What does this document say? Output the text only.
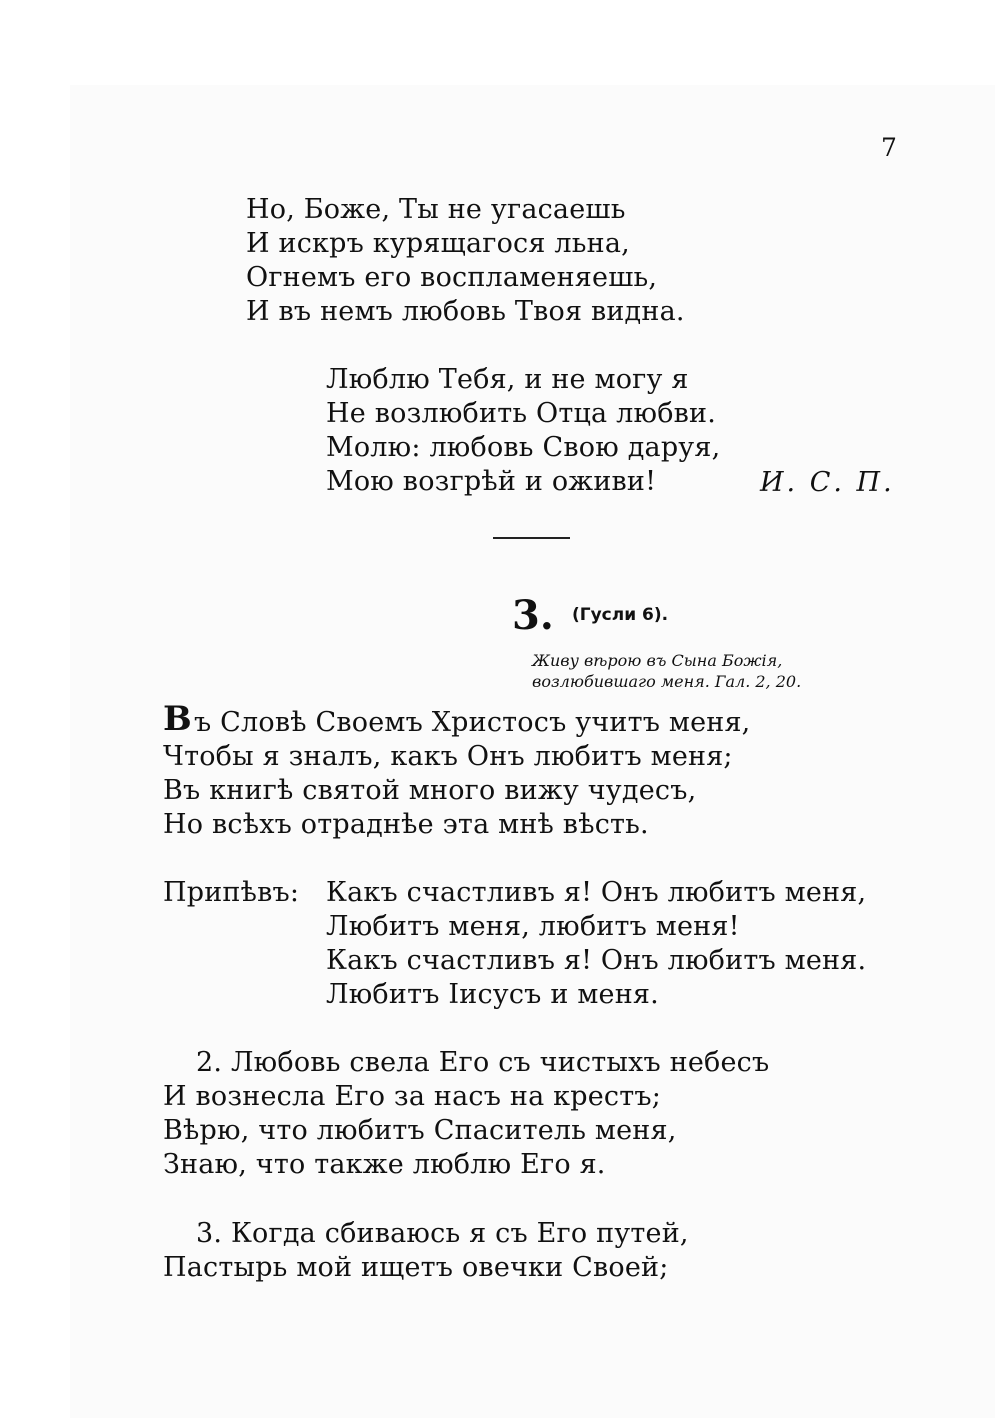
7
Но, Боже, Ты не угасаешь
И искръ курящагося льна,
Огнемъ его воспламеняешь,
И въ немъ любовь Твоя видна.
Люблю Тебя, и не могу я
Не возлюбить Отца любви.
Молю: любовь Свою даруя,
Мою возгрѣй и оживи!	И. С. П.
3. (Гусли 6).
Живу вѣрою въ Сына Божія,
возлюбившаго меня. Гал. 2, 20.
В ъ Словѣ Своемъ Христосъ учитъ меня,
Чтобы я зналъ, какъ Онъ любитъ меня;
Въ книгѣ святой много вижу чудесъ,
Но всѣхъ отраднѣе эта мнѣ вѣсть.
Припѣвъ: Какъ счастливъ я! Онъ любитъ меня,
Любитъ меня, любитъ меня!
Какъ счастливъ я! Онъ любитъ меня.
Любитъ Іисусъ и меня.
2. Любовь свела Его съ чистыхъ небесъ
И вознесла Его за насъ на крестъ;
Вѣрю, что любитъ Спаситель меня,
Знаю, что также люблю Его я.
3. Когда сбиваюсь я съ Его путей,
Пастырь мой ищетъ овечки Своей;
